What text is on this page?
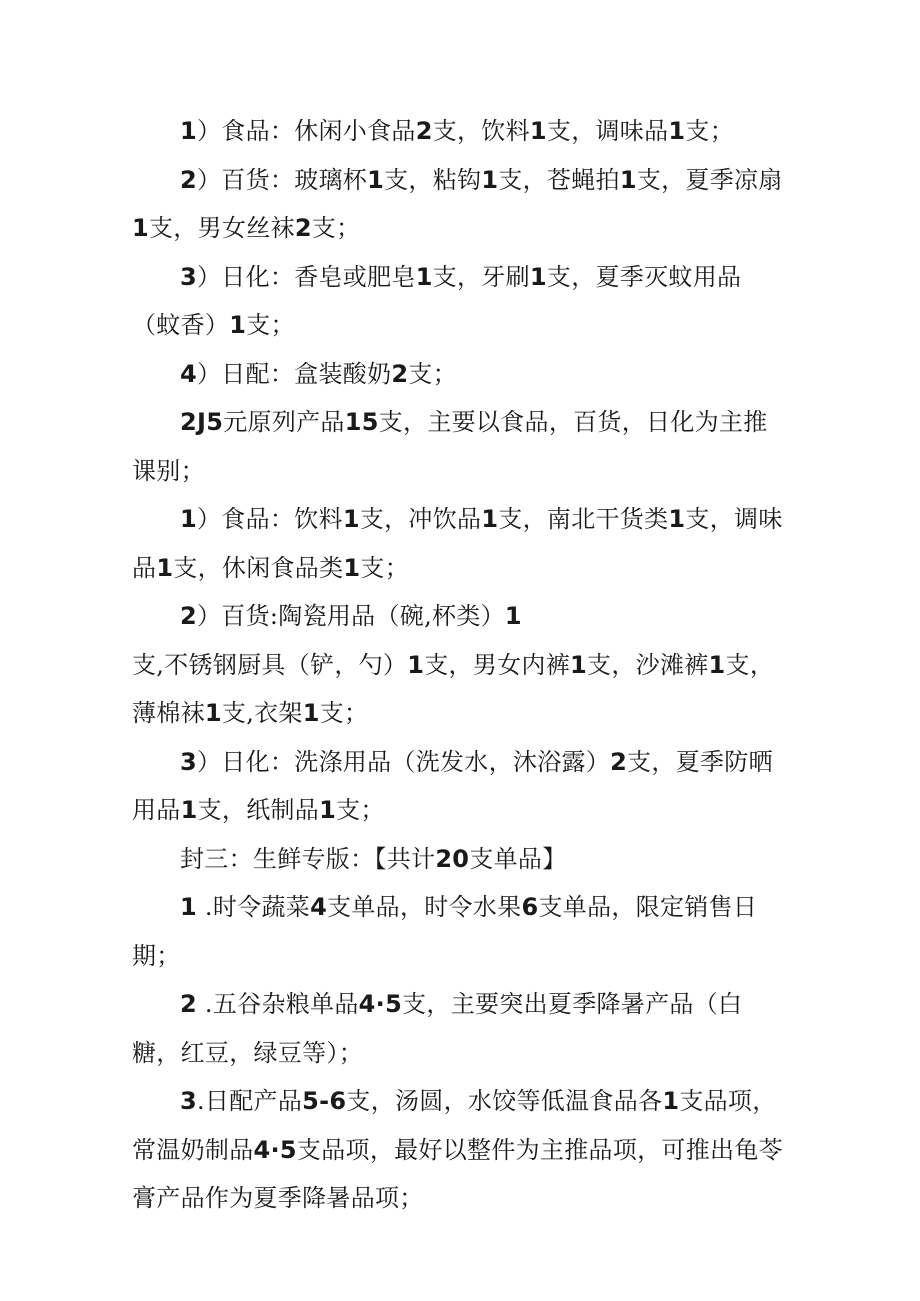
1）食品：休闲小食品2支，饮料1支，调味品1支；

2）百货：玻璃杯1支，粘钩1支，苍蝇拍1支，夏季凉扇1支，男女丝袜2支；

3）日化：香皂或肥皂1支，牙刷1支，夏季灭蚊用品（蚊香）1支；

4）日配：盒装酸奶2支；

2J5元原列产品15支，主要以食品，百货，日化为主推课别；

1）食品：饮料1支，冲饮品1支，南北干货类1支，调味品1支，休闲食品类1支；

2）百货:陶瓷用品（碗,杯类）1支,不锈钢厨具（铲，勺）1支，男女内裤1支，沙滩裤1支，薄棉袜1支,衣架1支；

3）日化：洗涤用品（洗发水，沐浴露）2支，夏季防晒用品1支，纸制品1支；

封三：生鲜专版：【共计20支单品】

1 .时令蔬菜4支单品，时令水果6支单品，限定销售日期；

2 .五谷杂粮单品4·5支，主要突出夏季降暑产品（白糖，红豆，绿豆等）；

3.日配产品5-6支，汤圆，水饺等低温食品各1支品项，常温奶制品4·5支品项，最好以整件为主推品项，可推出龟苓膏产品作为夏季降暑品项；
